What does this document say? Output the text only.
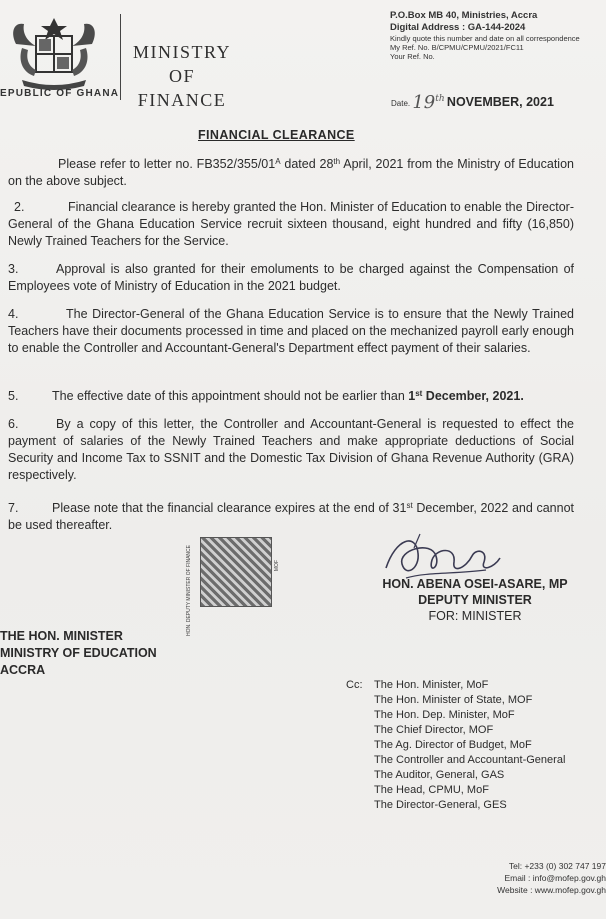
EPUBLIC OF GHANA
MINISTRY
OF
FINANCE
P.O.Box MB 40, Ministries, Accra
Digital Address : GA-144-2024
Kindly quote this number and date on all correspondence
My Ref. No. B/CPMU/CPMU/2021/FC11
Your Ref. No.
Date. 19th NOVEMBER, 2021
FINANCIAL CLEARANCE
Please refer to letter no. $FB352/355/01^A$ dated 28th April, 2021 from the Ministry of Education on the above subject.
2.	Financial clearance is hereby granted the Hon. Minister of Education to enable the Director-General of the Ghana Education Service recruit sixteen thousand, eight hundred and fifty (16,850) Newly Trained Teachers for the Service.
3.	Approval is also granted for their emoluments to be charged against the Compensation of Employees vote of Ministry of Education in the 2021 budget.
4.	The Director-General of the Ghana Education Service is to ensure that the Newly Trained Teachers have their documents processed in time and placed on the mechanized payroll early enough to enable the Controller and Accountant-General's Department effect payment of their salaries.
5.	The effective date of this appointment should not be earlier than 1st December, 2021.
6.	By a copy of this letter, the Controller and Accountant-General is requested to effect the payment of salaries of the Newly Trained Teachers and make appropriate deductions of Social Security and Income Tax to SSNIT and the Domestic Tax Division of Ghana Revenue Authority (GRA) respectively.
7.	Please note that the financial clearance expires at the end of 31st December, 2022 and cannot be used thereafter.
HON. DEPUTY MINISTER OF FINANCE	MOF
HON. ABENA OSEI-ASARE, MP
DEPUTY MINISTER
FOR: MINISTER
THE HON. MINISTER
MINISTRY OF EDUCATION
ACCRA
Cc: The Hon. Minister, MoF
The Hon. Minister of State, MOF
The Hon. Dep. Minister, MoF
The Chief Director, MOF
The Ag. Director of Budget, MoF
The Controller and Accountant-General
The Auditor, General, GAS
The Head, CPMU, MoF
The Director-General, GES
Tel: +233 (0) 302 747 197
Email : info@mofep.gov.gh
Website : www.mofep.gov.gh
